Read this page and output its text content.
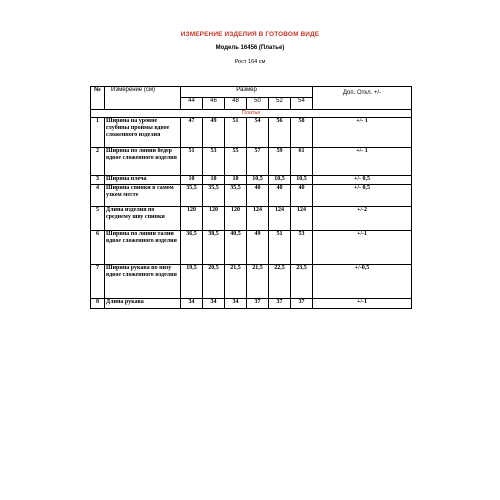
ИЗМЕРЕНИЕ ИЗДЕЛИЯ В ГОТОВОМ ВИДЕ
Модель 16456 (Платье)
Рост 164 см
№	Измерение (см)	Размер						Доп. Откл. +/-
		44	46	48	50	52	54	
Платье								
1	Ширина на уровне глубины проймы вдвое сложенного изделия	47	49	51	54	56	58	+/- 1
2	Ширина по линии бедер вдвое сложенного изделия	51	53	55	57	59	61	+/- 1
3	Ширина плеча	10	10	10	10,5	10,5	10,5	+/- 0,5
4	Ширина спинки в самом узком месте	35,5	35,5	35,5	40	40	40	+/- 0,5
5	Длина изделия по среднему шву спинки	120	120	120	124	124	124	+/-2
6	Ширина по линии талии вдвое сложенного изделия	36,5	38,5	40,5	49	51	53	+/-1
7	Ширина рукава по низу вдвое сложенного изделия	19,5	20,5	21,5	21,5	22,5	23,5	+/-0,5
8	Длина рукава	34	34	34	37	37	37	+/-1
